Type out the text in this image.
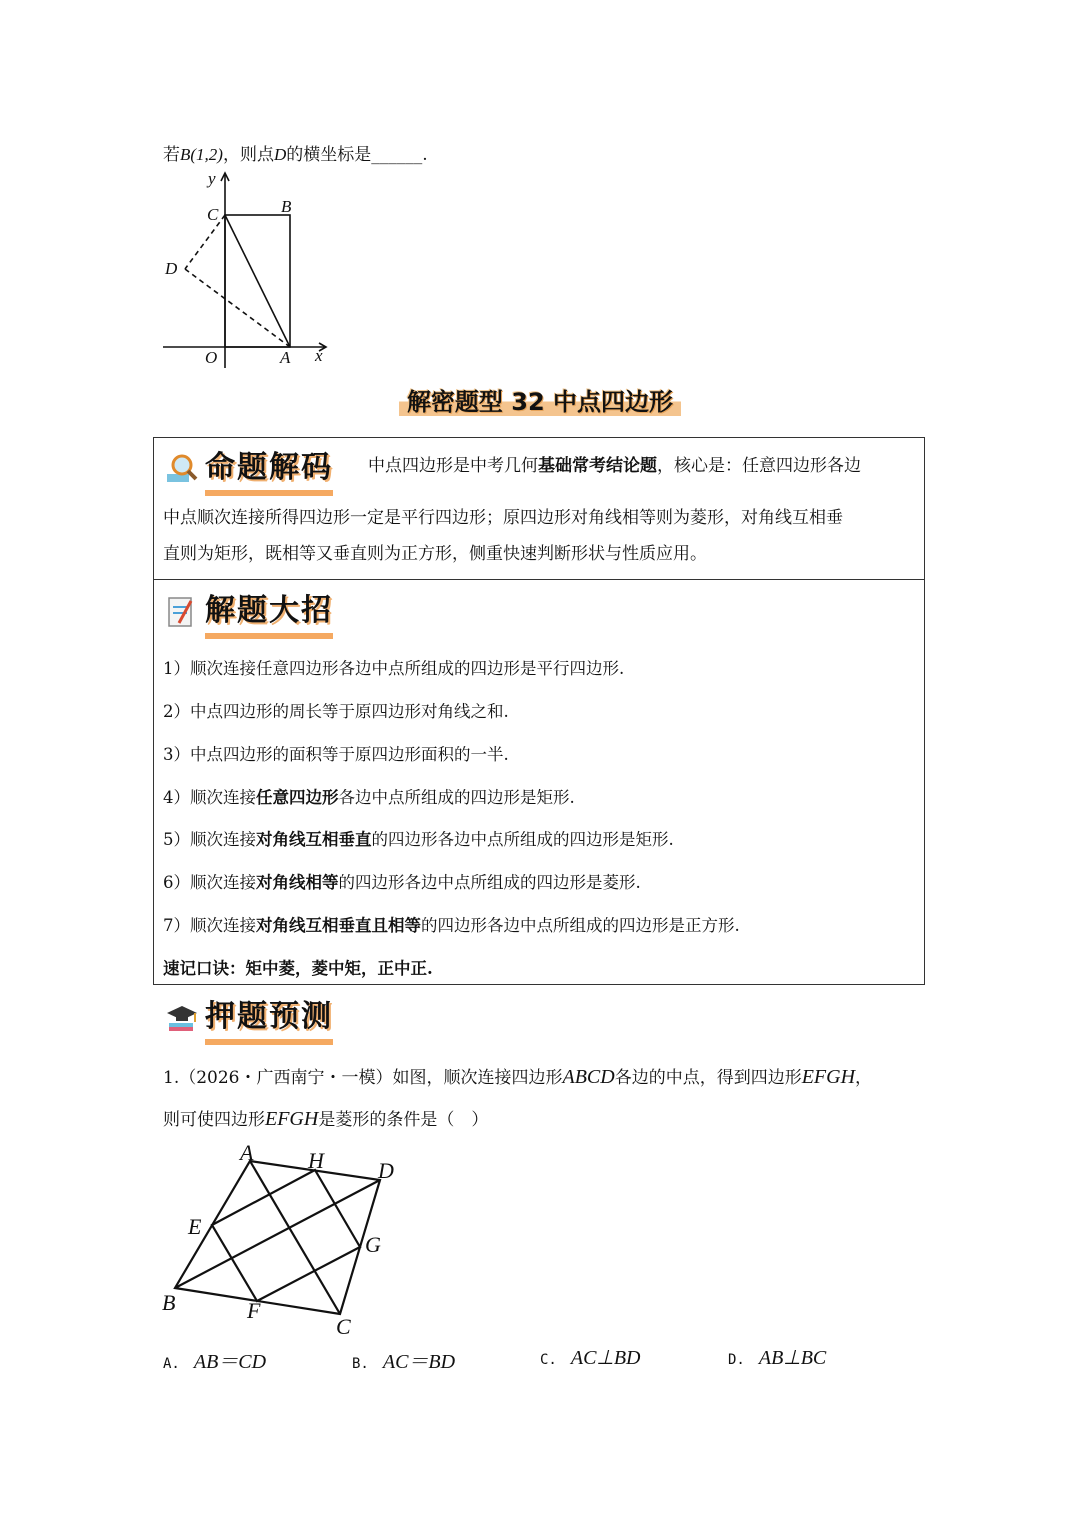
若B(1,2)，则点D的横坐标是______.
y
x
O	A
B
C
D
解密题型 32 中点四边形
命题解码 中点四边形是中考几何基础常考结论题，核心是：任意四边形各边
中点顺次连接所得四边形一定是平行四边形；原四边形对角线相等则为菱形，对角线互相垂
直则为矩形，既相等又垂直则为正方形，侧重快速判断形状与性质应用。
解题大招
1）顺次连接任意四边形各边中点所组成的四边形是平行四边形.
2）中点四边形的周长等于原四边形对角线之和.
3）中点四边形的面积等于原四边形面积的一半.
4）顺次连接任意四边形各边中点所组成的四边形是矩形.
5）顺次连接对角线互相垂直的四边形各边中点所组成的四边形是矩形.
6）顺次连接对角线相等的四边形各边中点所组成的四边形是菱形.
7）顺次连接对角线互相垂直且相等的四边形各边中点所组成的四边形是正方形.
速记口诀：矩中菱，菱中矩，正中正.
押题预测
1.（2026・广西南宁・一模）如图，顺次连接四边形ABCD各边的中点，得到四边形EFGH，
则可使四边形EFGH是菱形的条件是（　）
A H D
E
G
B	F
C
A. AB＝CD	B. AC＝BD	C. AC⊥BD	D. AB⊥BC
